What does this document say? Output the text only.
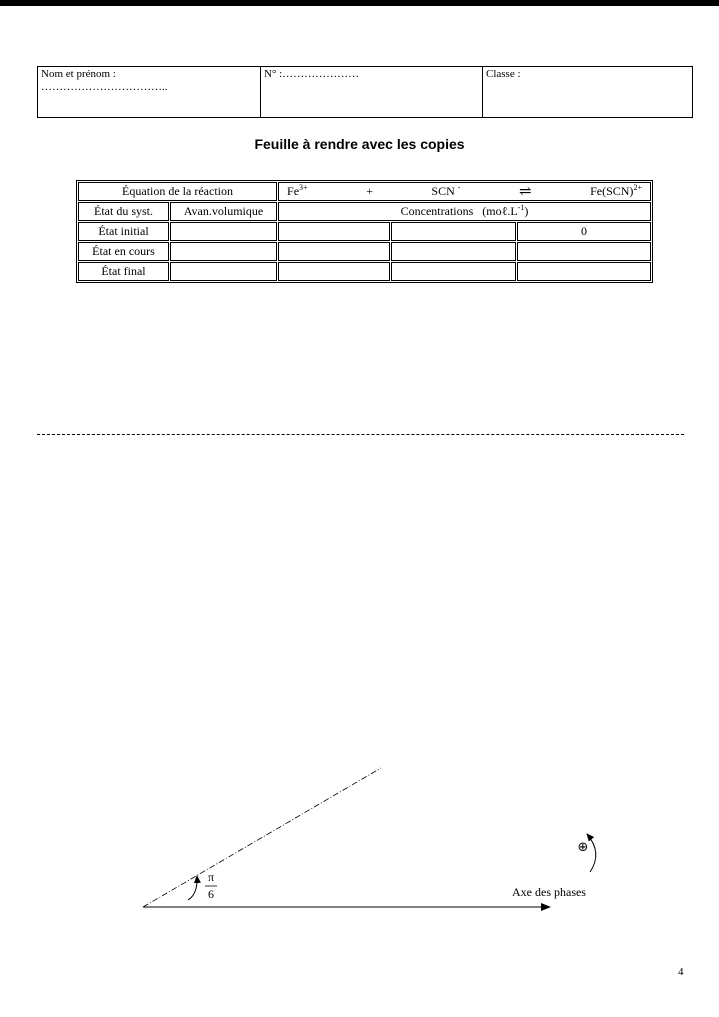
Nom et prénom :
……………………………..
N° :…………………	Classe :
Feuille à rendre avec les copies
Équation de la réaction		$Fe^{3+}$ + SCN - ⇌ Fe(SCN)$^{2+}$

État du syst.	Avan.volumique	Concentrations $(mo\ell.L^{-1})$		
État initial				0
État en cours				
État final				
π
6	Axe des phases
⊕
4
